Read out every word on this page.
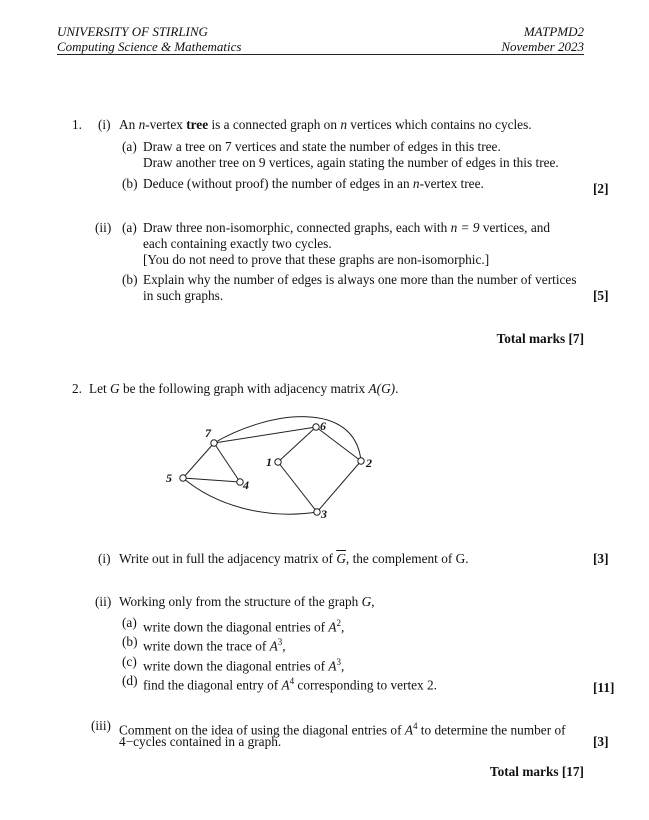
UNIVERSITY OF STIRLING
Computing Science & Mathematics
MATPMD2
November 2023
1. (i) An n-vertex tree is a connected graph on n vertices which contains no cycles.
(a) Draw a tree on 7 vertices and state the number of edges in this tree.
Draw another tree on 9 vertices, again stating the number of edges in this tree.
(b) Deduce (without proof) the number of edges in an n-vertex tree.	[2]
(ii) (a) Draw three non-isomorphic, connected graphs, each with n = 9 vertices, and
each containing exactly two cycles.
[You do not need to prove that these graphs are non-isomorphic.]
(b) Explain why the number of edges is always one more than the number of vertices
in such graphs.	[5]
Total marks [7]
2. Let G be the following graph with adjacency matrix A(G).
7
5	4
6
1	2
3
(i) Write out in full the adjacency matrix of $\overline{G}$, the complement of G.	[3]
(ii) Working only from the structure of the graph G,
(a) write down the diagonal entries of $A^2$,
(b) write down the trace of $A^3$,
(c) write down the diagonal entries of $A^3$,
(d) find the diagonal entry of $A^4$ corresponding to vertex 2.	[11]
(iii) Comment on the idea of using the diagonal entries of $A^4$ to determine the number of
4−cycles contained in a graph.	[3]
Total marks [17]
